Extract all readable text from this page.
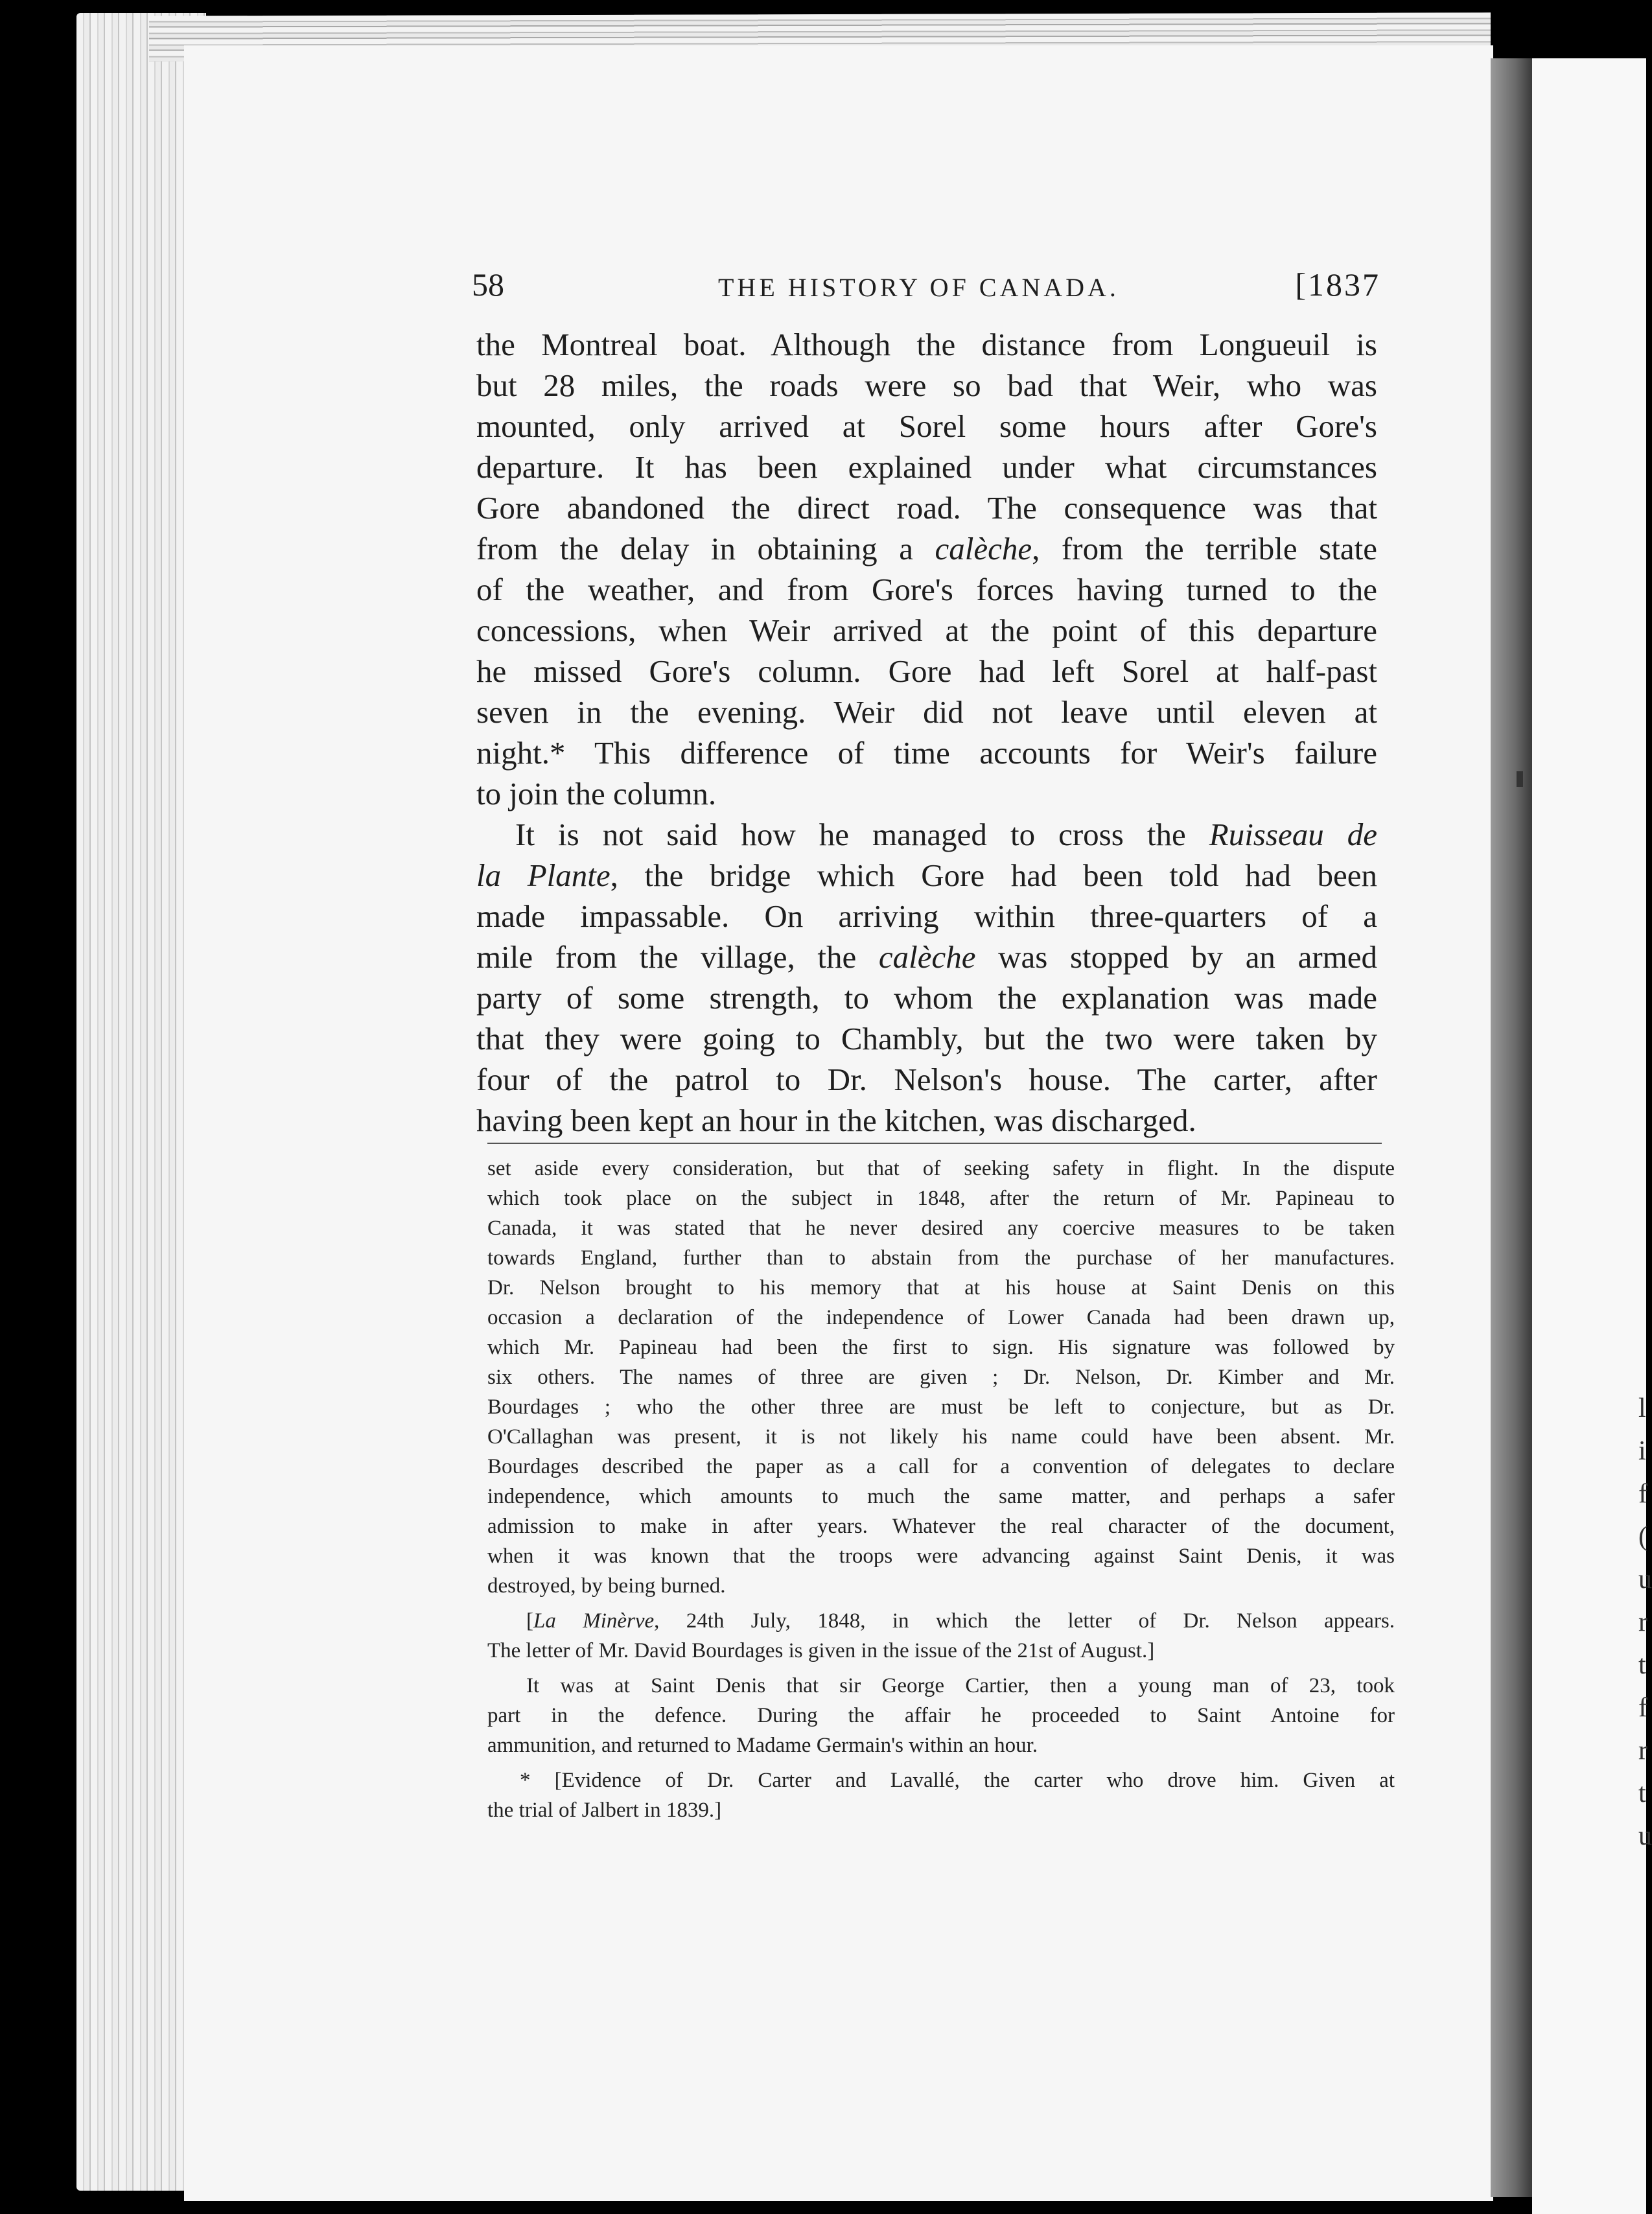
l
i
f
(
u
r
t
f
r
t
u
58	THE HISTORY OF CANADA.	[1837
the Montreal boat. Although the distance from Longueuil is
but 28 miles, the roads were so bad that Weir, who was
mounted, only arrived at Sorel some hours after Gore's
departure. It has been explained under what circumstances
Gore abandoned the direct road. The consequence was that
from the delay in obtaining a calèche, from the terrible state
of the weather, and from Gore's forces having turned to the
concessions, when Weir arrived at the point of this departure
he missed Gore's column. Gore had left Sorel at half-past
seven in the evening. Weir did not leave until eleven at
night.* This difference of time accounts for Weir's failure
to join the column.
It is not said how he managed to cross the Ruisseau de
la Plante, the bridge which Gore had been told had been
made impassable. On arriving within three-quarters of a
mile from the village, the calèche was stopped by an armed
party of some strength, to whom the explanation was made
that they were going to Chambly, but the two were taken by
four of the patrol to Dr. Nelson's house. The carter, after
having been kept an hour in the kitchen, was discharged.
set aside every consideration, but that of seeking safety in flight. In the dispute
which took place on the subject in 1848, after the return of Mr. Papineau to
Canada, it was stated that he never desired any coercive measures to be taken
towards England, further than to abstain from the purchase of her manufactures.
Dr. Nelson brought to his memory that at his house at Saint Denis on this
occasion a declaration of the independence of Lower Canada had been drawn up,
which Mr. Papineau had been the first to sign. His signature was followed by
six others. The names of three are given ; Dr. Nelson, Dr. Kimber and Mr.
Bourdages ; who the other three are must be left to conjecture, but as Dr.
O'Callaghan was present, it is not likely his name could have been absent. Mr.
Bourdages described the paper as a call for a convention of delegates to declare
independence, which amounts to much the same matter, and perhaps a safer
admission to make in after years. Whatever the real character of the document,
when it was known that the troops were advancing against Saint Denis, it was
destroyed, by being burned.
[La Minèrve, 24th July, 1848, in which the letter of Dr. Nelson appears.
The letter of Mr. David Bourdages is given in the issue of the 21st of August.]
It was at Saint Denis that sir George Cartier, then a young man of 23, took
part in the defence. During the affair he proceeded to Saint Antoine for
ammunition, and returned to Madame Germain's within an hour.
* [Evidence of Dr. Carter and Lavallé, the carter who drove him. Given at
the trial of Jalbert in 1839.]
